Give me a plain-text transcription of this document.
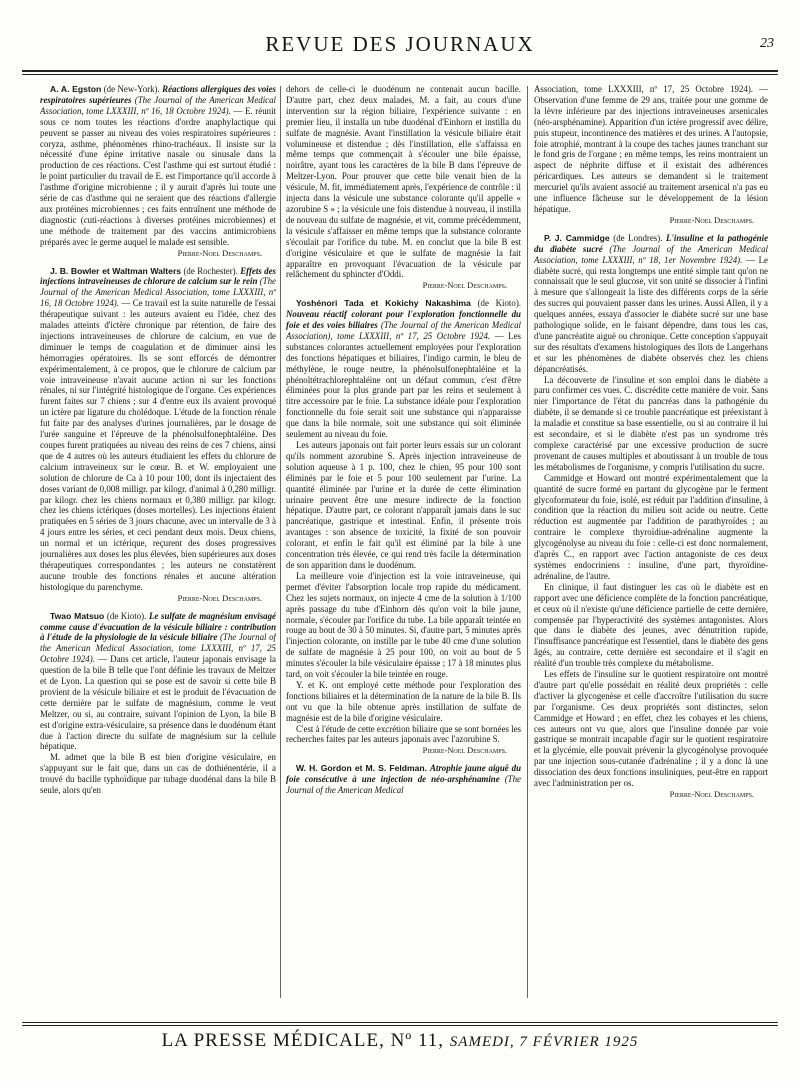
REVUE DES JOURNAUX	23

A. A. Egston (de New-York). Réactions allergiques des voies respiratoires supérieures (The Journal of the American Medical Association, tome LXXXIII, nº 16, 18 Octobre 1924). — E. réunit sous ce nom toutes les réactions d'ordre anaphylactique qui peuvent se passer au niveau des voies respiratoires supérieures : coryza, asthme, phénomènes rhino-trachéaux. Il insiste sur la nécessité d'une épine irritative nasale ou sinusale dans la production de ces réactions. C'est l'asthme qui est surtout étudié : le point particulier du travail de E. est l'importance qu'il accorde à l'asthme d'origine microbienne ; il y aurait d'après lui toute une série de cas d'asthme qui ne seraient que des réactions d'allergie aux protéines microbiennes ; ces faits entraînent une méthode de diagnostic (cuti-réactions à diverses protéines microbiennes) et une méthode de traitement par des vaccins antimicrobiens préparés avec le germe auquel le malade est sensible.

Pierre-Noel Deschamps.

J. B. Bowler et Waltman Walters (de Rochester). Effets des injections intraveineuses de chlorure de calcium sur le rein (The Journal of the American Medical Association, tome LXXXIII, nº 16, 18 Octobre 1924). — Ce travail est la suite naturelle de l'essai thérapeutique suivant : les auteurs avaient eu l'idée, chez des malades atteints d'ictère chronique par rétention, de faire des injections intraveineuses de chlorure de calcium, en vue de diminuer le temps de coagulation et de diminuer ainsi les hémorragies opératoires. Ils se sont efforcés de démontrer expérimentalement, à ce propos, que le chlorure de calcium par voie intraveineuse n'avait aucune action ni sur les fonctions rénales, ni sur l'intégrité histologique de l'organe. Ces expériences furent faites sur 7 chiens ; sur 4 d'entre eux ils avaient provoqué un ictère par ligature du cholédoque. L'étude de la fonction rénale fut faite par des analyses d'urines journalières, par le dosage de l'urée sanguine et l'épreuve de la phénolsulfonephtaléine. Des coupes furent pratiquées au niveau des reins de ces 7 chiens, ainsi que de 4 autres où les auteurs étudiaient les effets du chlorure de calcium intraveineux sur le cœur. B. et W. employaient une solution de chlorure de Ca à 10 pour 100, dont ils injectaient des doses variant de 0,008 milligr. par kilogr. d'animal à 0,280 milligr. par kilogr. chez les chiens normaux et 0,380 milligr. par kilogr. chez les chiens ictériques (doses mortelles). Les injections étaient pratiquées en 5 séries de 3 jours chacune, avec un intervalle de 3 à 4 jours entre les séries, et ceci pendant deux mois. Deux chiens, un normal et un ictérique, reçurent des doses progressives journalières aux doses les plus élevées, bien supérieures aux doses thérapeutiques correspondantes ; les auteurs ne constatèrent aucune trouble des fonctions rénales et aucune altération histologique du parenchyme.

Pierre-Noel Deschamps.

Twao Matsuo (de Kioto). Le sulfate de magnésium envisagé comme cause d'évacuation de la vésicule biliaire : contribution à l'étude de la physiologie de la vésicule biliaire (The Journal of the American Medical Association, tome LXXXIII, nº 17, 25 Octobre 1924). — Dans cet article, l'auteur japonais envisage la question de la bile B telle que l'ont définie les travaux de Meltzer et de Lyon. La question qui se pose est de savoir si cette bile B provient de la vésicule biliaire et est le produit de l'évacuation de cette dernière par le sulfate de magnésium, comme le veut Meltzer, ou si, au contraire, suivant l'opinion de Lyon, la bile B est d'origine extra-vésiculaire, sa présence dans le duodénum étant due à l'action directe du sulfate de magnésium sur la cellule hépatique.

M. admet que la bile B est bien d'origine vésiculaire, en s'appuyant sur le fait que, dans un cas de dothiénentérie, il a trouvé du bacille typhoïdique par tubage duodénal dans la bile B seule, alors qu'en

dehors de celle-ci le duodénum ne contenait aucun bacille. D'autre part, chez deux malades, M. a fait, au cours d'une intervention sur la région biliaire, l'expérience suivante : en premier lieu, il installa un tube duodénal d'Einhorn et instilla du sulfate de magnésie. Avant l'instillation la vésicule biliaire était volumineuse et distendue ; dès l'instillation, elle s'affaissa en même temps que commençait à s'écouler une bile épaisse, noirâtre, ayant tous les caractères de la bile B dans l'épreuve de Meltzer-Lyon. Pour prouver que cette bile venait bien de la vésicule, M. fit, immédiatement après, l'expérience de contrôle : il injecta dans la vésicule une substance colorante qu'il appelle « azorubine S » ; la vésicule une fois distendue à nouveau, il instilla de nouveau du sulfate de magnésie, et vit, comme précédemment, la vésicule s'affaisser en même temps que la substance colorante s'écoulait par l'orifice du tube. M. en conclut que la bile B est d'origine vésiculaire et que le sulfate de magnésie la fait apparaître en provoquant l'évacuation de la vésicule par relâchement du sphincter d'Oddi.

Pierre-Noel Deschamps.

Yoshénori Tada et Kokichy Nakashima (de Kioto). Nouveau réactif colorant pour l'exploration fonctionnelle du foie et des voies biliaires (The Journal of the American Medical Association), tome LXXXIII, nº 17, 25 Octobre 1924. — Les substances colorantes actuellement employées pour l'exploration des fonctions hépatiques et biliaires, l'indigo carmin, le bleu de méthylène, le rouge neutre, la phénolsulfonephtaléine et la phénoltétrachlorephtaléine ont un défaut commun, c'est d'être éliminées pour la plus grande part par les reins et seulement à titre accessoire par le foie. La substance idéale pour l'exploration fonctionnelle du foie serait soit une substance qui n'apparaisse que dans la bile normale, soit une substance qui soit éliminée seulement au niveau du foie.

Les auteurs japonais ont fait porter leurs essais sur un colorant qu'ils nomment azorubine S. Après injection intraveineuse de solution aqueuse à 1 p. 100, chez le chien, 95 pour 100 sont éliminés par le foie et 5 pour 100 seulement par l'urine. La quantité éliminée par l'urine et la durée de cette élimination urinaire peuvent être une mesure indirecte de la fonction hépatique. D'autre part, ce colorant n'apparaît jamais dans le suc pancréatique, gastrique et intestinal. Enfin, il présente trois avantages : son absence de toxicité, la fixité de son pouvoir colorant, et enfin le fait qu'il est éliminé par la bile à une concentration très élevée, ce qui rend très facile la détermination de son apparition dans le duodénum.

La meilleure voie d'injection est la voie intraveineuse, qui permet d'éviter l'absorption locale trop rapide du médicament. Chez les sujets normaux, on injecte 4 cme de la solution à 1/100 après passage du tube d'Einhorn dès qu'on voit la bile jaune, normale, s'écouler par l'orifice du tube. La bile apparaît teintée en rouge au bout de 30 à 50 minutes. Si, d'autre part, 5 minutes après l'injection colorante, on instille par le tube 40 cme d'une solution de sulfate de magnésie à 25 pour 100, on voit au bout de 5 minutes s'écouler la bile vésiculaire épaisse ; 17 à 18 minutes plus tard, on voit s'écouler la bile teintée en rouge.

Y. et K. ont employé cette méthode pour l'exploration des fonctions biliaires et la détermination de la nature de la bile B. Ils ont vu que la bile obtenue après instillation de sulfate de magnésie est de la bile d'origine vésiculaire.

C'est à l'étude de cette excrétion biliaire que se sont bornées les recherches faites par les auteurs japonais avec l'azorubine S.

Pierre-Noel Deschamps.

W. H. Gordon et M. S. Feldman. Atrophie jaune aiguë du foie consécutive à une injection de néo-arsphénamine (The Journal of the American Medical

Association, tome LXXXIII, nº 17, 25 Octobre 1924). — Observation d'une femme de 29 ans, traitée pour une gomme de la lèvre inférieure par des injections intraveineuses arsenicales (néo-arsphénamine). Apparition d'un ictère progressif avec délire, puis stupeur, incontinence des matières et des urines. A l'autopsie, foie atrophié, montrant à la coupe des taches jaunes tranchant sur le fond gris de l'organe ; en même temps, les reins montraient un aspect de néphrite diffuse et il existait des adhérences péricardiques. Les auteurs se demandent si le traitement mercuriel qu'ils avaient associé au traitement arsenical n'a pas eu une influence fâcheuse sur le développement de la lésion hépatique.

Pierre-Noel Deschamps.

P. J. Cammidge (de Londres). L'insuline et la pathogénie du diabète sucré (The Journal of the American Medical Association, tome LXXXIII, nº 18, 1er Novembre 1924). — Le diabète sucré, qui resta longtemps une entité simple tant qu'on ne connaissait que le seul glucose, vit son unité se dissocier à l'infini à mesure que s'allongeait la liste des différents corps de la série des sucres qui pouvaient passer dans les urines. Aussi Allen, il y a quelques années, essaya d'associer le diabète sucré sur une base pathologique solide, en le faisant dépendre, dans tous les cas, d'une pancréatite aiguë ou chronique. Cette conception s'appuyait sur des résultats d'examens histologiques des îlots de Langerhans et sur les phénomènes de diabète observés chez les chiens dépancréatisés.

La découverte de l'insuline et son emploi dans le diabète a paru confirmer ces vues. C. discrédite cette manière de voir. Sans nier l'importance de l'état du pancréas dans la pathogénie du diabète, il se demande si ce trouble pancréatique est préexistant à la maladie et constitue sa base essentielle, ou si au contraire il lui est secondaire, et si le diabète n'est pas un syndrome très complexe caractérisé par une excessive production de sucre provenant de causes multiples et aboutissant à un trouble de tous les métabolismes de l'organisme, y compris l'utilisation du sucre.

Cammidge et Howard ont montré expérimentalement que la quantité de sucre formé en partant du glycogène par le ferment glycoformateur du foie, isolé, est réduit par l'addition d'insuline, à condition que la réaction du milieu soit acide ou neutre. Cette réduction est augmentée par l'addition de parathyroïdes ; au contraire le complexe thyroïdiue-adrénaline augmente la glycogénolyse au niveau du foie : celle-ci est donc normalement, d'après C., en rapport avec l'action antagoniste de ces deux systèmes endocriniens : insuline, d'une part, thyroïdine-adrénaline, de l'autre.

En clinique, il faut distinguer les cas où le diabète est en rapport avec une déficience complète de la fonction pancréatique, et ceux où il n'existe qu'une déficience partielle de cette dernière, compensée par l'hyperactivité des systèmes antagonistes. Alors que dans le diabète des jeunes, avec dénutrition rapide, l'insuffisance pancréatique est l'essentiel, dans le diabète des gens âgés, au contraire, cette dernière est secondaire et il s'agit en réalité d'un trouble très complexe du métabolisme.

Les effets de l'insuline sur le quotient respiratoire ont montré d'autre part qu'elle possédait en réalité deux propriétés : celle d'activer la glycogenèse et celle d'accroître l'utilisation du sucre par l'organisme. Ces deux propriétés sont distinctes, selon Cammidge et Howard ; en effet, chez les cobayes et les chiens, ces auteurs ont vu que, alors que l'insuline donnée par voie gastrique se montrait incapable d'agir sur le quotient respiratoire et la glycémie, elle pouvait prévenir la glycogénolyse provoquée par une injection sous-cutanée d'adrénaline ; il y a donc là une dissociation des deux fonctions insuliniques, peut-être en rapport avec l'administration per os.

Pierre-Noel Deschamps.
LA PRESSE MÉDICALE, Nº 11, SAMEDI, 7 FÉVRIER 1925
